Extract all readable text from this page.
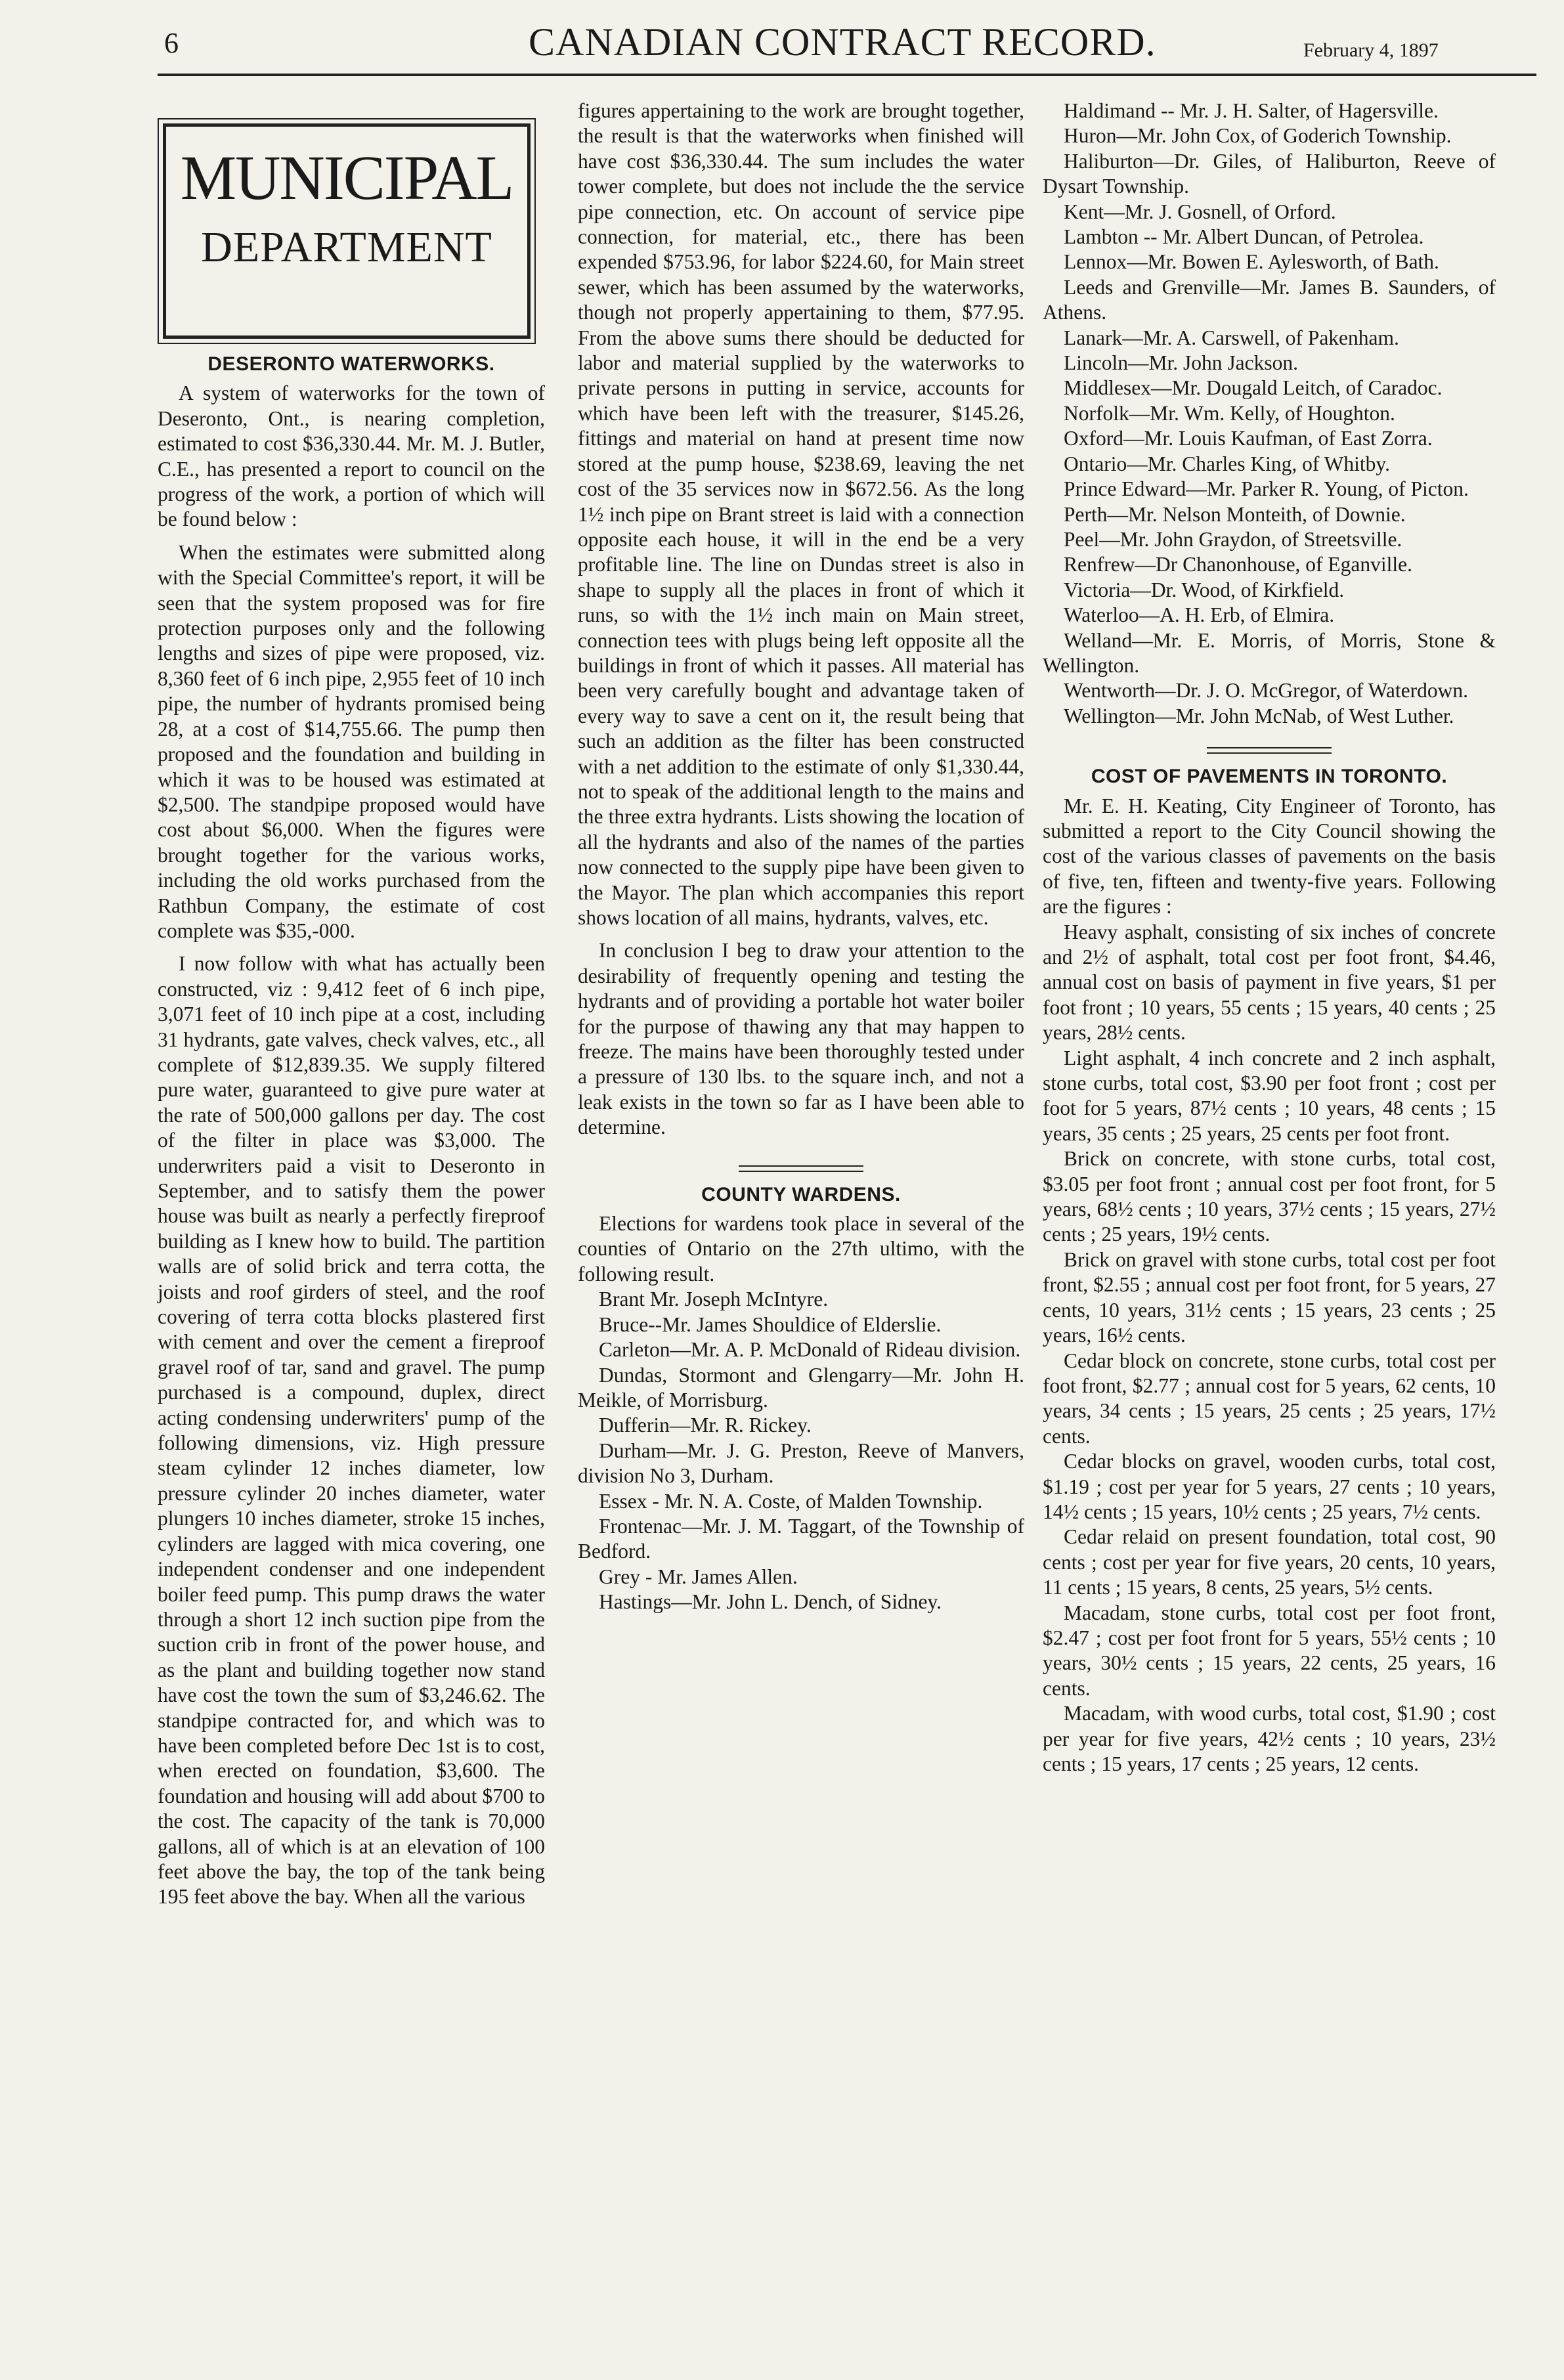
6	CANADIAN CONTRACT RECORD.	February 4, 1897
MUNICIPAL
DEPARTMENT
DESERONTO WATERWORKS.

A system of waterworks for the town of Deseronto, Ont., is nearing completion, estimated to cost $36,330.44. Mr. M. J. Butler, C.E., has presented a report to council on the progress of the work, a portion of which will be found below :

When the estimates were submitted along with the Special Committee's report, it will be seen that the system proposed was for fire protection purposes only and the following lengths and sizes of pipe were proposed, viz. 8,360 feet of 6 inch pipe, 2,955 feet of 10 inch pipe, the number of hydrants promised being 28, at a cost of $14,755.66. The pump then proposed and the foundation and building in which it was to be housed was estimated at $2,500. The standpipe proposed would have cost about $6,000. When the figures were brought together for the various works, including the old works purchased from the Rathbun Company, the estimate of cost complete was $35,-000.

I now follow with what has actually been constructed, viz : 9,412 feet of 6 inch pipe, 3,071 feet of 10 inch pipe at a cost, including 31 hydrants, gate valves, check valves, etc., all complete of $12,839.35. We supply filtered pure water, guaranteed to give pure water at the rate of 500,000 gallons per day. The cost of the filter in place was $3,000. The underwriters paid a visit to Deseronto in September, and to satisfy them the power house was built as nearly a perfectly fireproof building as I knew how to build. The partition walls are of solid brick and terra cotta, the joists and roof girders of steel, and the roof covering of terra cotta blocks plastered first with cement and over the cement a fireproof gravel roof of tar, sand and gravel. The pump purchased is a compound, duplex, direct acting condensing underwriters' pump of the following dimensions, viz. High pressure steam cylinder 12 inches diameter, low pressure cylinder 20 inches diameter, water plungers 10 inches diameter, stroke 15 inches, cylinders are lagged with mica covering, one independent condenser and one independent boiler feed pump. This pump draws the water through a short 12 inch suction pipe from the suction crib in front of the power house, and as the plant and building together now stand have cost the town the sum of $3,246.62. The standpipe contracted for, and which was to have been completed before Dec 1st is to cost, when erected on foundation, $3,600. The foundation and housing will add about $700 to the cost. The capacity of the tank is 70,000 gallons, all of which is at an elevation of 100 feet above the bay, the top of the tank being 195 feet above the bay. When all the various

figures appertaining to the work are brought together, the result is that the waterworks when finished will have cost $36,330.44. The sum includes the water tower complete, but does not include the the service pipe connection, etc. On account of service pipe connection, for material, etc., there has been expended $753.96, for labor $224.60, for Main street sewer, which has been assumed by the waterworks, though not properly appertaining to them, $77.95. From the above sums there should be deducted for labor and material supplied by the waterworks to private persons in putting in service, accounts for which have been left with the treasurer, $145.26, fittings and material on hand at present time now stored at the pump house, $238.69, leaving the net cost of the 35 services now in $672.56. As the long 1½ inch pipe on Brant street is laid with a connection opposite each house, it will in the end be a very profitable line. The line on Dundas street is also in shape to supply all the places in front of which it runs, so with the 1½ inch main on Main street, connection tees with plugs being left opposite all the buildings in front of which it passes. All material has been very carefully bought and advantage taken of every way to save a cent on it, the result being that such an addition as the filter has been constructed with a net addition to the estimate of only $1,330.44, not to speak of the additional length to the mains and the three extra hydrants. Lists showing the location of all the hydrants and also of the names of the parties now connected to the supply pipe have been given to the Mayor. The plan which accompanies this report shows location of all mains, hydrants, valves, etc.

In conclusion I beg to draw your attention to the desirability of frequently opening and testing the hydrants and of providing a portable hot water boiler for the purpose of thawing any that may happen to freeze. The mains have been thoroughly tested under a pressure of 130 lbs. to the square inch, and not a leak exists in the town so far as I have been able to determine.

COUNTY WARDENS.

Elections for wardens took place in several of the counties of Ontario on the 27th ultimo, with the following result.

Brant Mr. Joseph McIntyre.

Bruce--Mr. James Shouldice of Elderslie.

Carleton—Mr. A. P. McDonald of Rideau division.

Dundas, Stormont and Glengarry—Mr. John H. Meikle, of Morrisburg.

Dufferin—Mr. R. Rickey.

Durham—Mr. J. G. Preston, Reeve of Manvers, division No 3, Durham.

Essex - Mr. N. A. Coste, of Malden Township.

Frontenac—Mr. J. M. Taggart, of the Township of Bedford.

Grey - Mr. James Allen.

Hastings—Mr. John L. Dench, of Sidney.

Haldimand -- Mr. J. H. Salter, of Hagersville.

Huron—Mr. John Cox, of Goderich Township.

Haliburton—Dr. Giles, of Haliburton, Reeve of Dysart Township.

Kent—Mr. J. Gosnell, of Orford.

Lambton -- Mr. Albert Duncan, of Petrolea.

Lennox—Mr. Bowen E. Aylesworth, of Bath.

Leeds and Grenville—Mr. James B. Saunders, of Athens.

Lanark—Mr. A. Carswell, of Pakenham.

Lincoln—Mr. John Jackson.

Middlesex—Mr. Dougald Leitch, of Caradoc.

Norfolk—Mr. Wm. Kelly, of Houghton.

Oxford—Mr. Louis Kaufman, of East Zorra.

Ontario—Mr. Charles King, of Whitby.

Prince Edward—Mr. Parker R. Young, of Picton.

Perth—Mr. Nelson Monteith, of Downie.

Peel—Mr. John Graydon, of Streetsville.

Renfrew—Dr Chanonhouse, of Eganville.

Victoria—Dr. Wood, of Kirkfield.

Waterloo—A. H. Erb, of Elmira.

Welland—Mr. E. Morris, of Morris, Stone & Wellington.

Wentworth—Dr. J. O. McGregor, of Waterdown.

Wellington—Mr. John McNab, of West Luther.

COST OF PAVEMENTS IN TORONTO.

Mr. E. H. Keating, City Engineer of Toronto, has submitted a report to the City Council showing the cost of the various classes of pavements on the basis of five, ten, fifteen and twenty-five years. Following are the figures :

Heavy asphalt, consisting of six inches of concrete and 2½ of asphalt, total cost per foot front, $4.46, annual cost on basis of payment in five years, $1 per foot front ; 10 years, 55 cents ; 15 years, 40 cents ; 25 years, 28½ cents.

Light asphalt, 4 inch concrete and 2 inch asphalt, stone curbs, total cost, $3.90 per foot front ; cost per foot for 5 years, 87½ cents ; 10 years, 48 cents ; 15 years, 35 cents ; 25 years, 25 cents per foot front.

Brick on concrete, with stone curbs, total cost, $3.05 per foot front ; annual cost per foot front, for 5 years, 68½ cents ; 10 years, 37½ cents ; 15 years, 27½ cents ; 25 years, 19½ cents.

Brick on gravel with stone curbs, total cost per foot front, $2.55 ; annual cost per foot front, for 5 years, 27 cents, 10 years, 31½ cents ; 15 years, 23 cents ; 25 years, 16½ cents.

Cedar block on concrete, stone curbs, total cost per foot front, $2.77 ; annual cost for 5 years, 62 cents, 10 years, 34 cents ; 15 years, 25 cents ; 25 years, 17½ cents.

Cedar blocks on gravel, wooden curbs, total cost, $1.19 ; cost per year for 5 years, 27 cents ; 10 years, 14½ cents ; 15 years, 10½ cents ; 25 years, 7½ cents.

Cedar relaid on present foundation, total cost, 90 cents ; cost per year for five years, 20 cents, 10 years, 11 cents ; 15 years, 8 cents, 25 years, 5½ cents.

Macadam, stone curbs, total cost per foot front, $2.47 ; cost per foot front for 5 years, 55½ cents ; 10 years, 30½ cents ; 15 years, 22 cents, 25 years, 16 cents.

Macadam, with wood curbs, total cost, $1.90 ; cost per year for five years, 42½ cents ; 10 years, 23½ cents ; 15 years, 17 cents ; 25 years, 12 cents.
